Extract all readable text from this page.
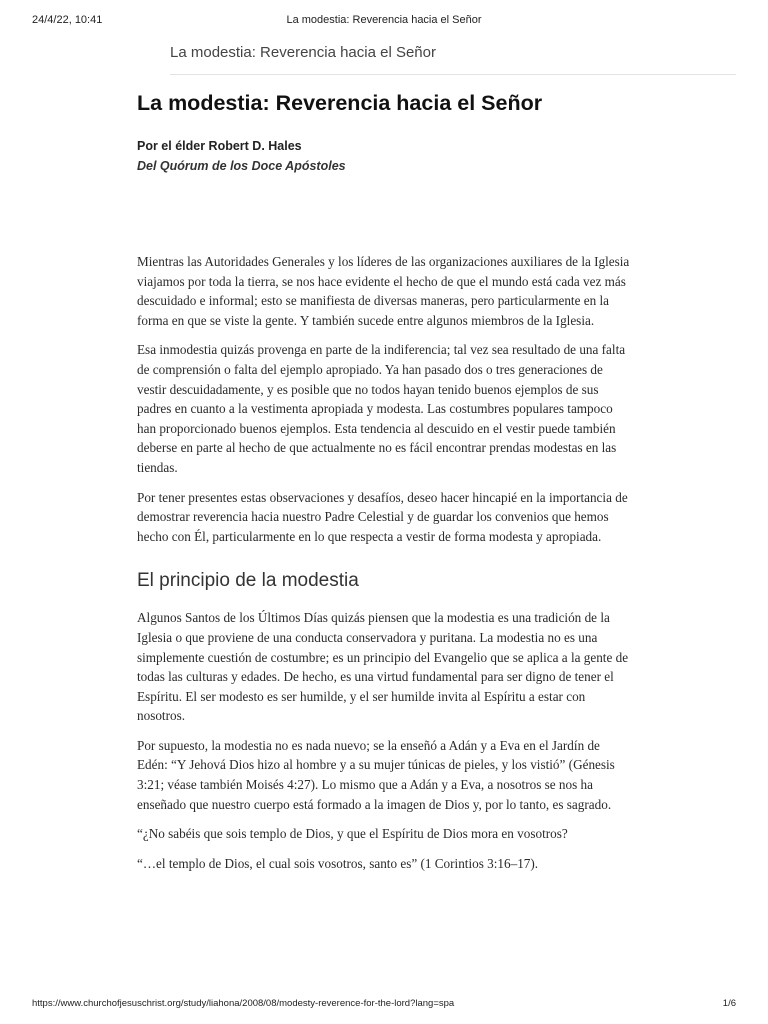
24/4/22, 10:41	La modestia: Reverencia hacia el Señor
La modestia: Reverencia hacia el Señor
La modestia: Reverencia hacia el Señor
Por el élder Robert D. Hales
Del Quórum de los Doce Apóstoles

Mientras las Autoridades Generales y los líderes de las organizaciones auxiliares de la Iglesia viajamos por toda la tierra, se nos hace evidente el hecho de que el mundo está cada vez más descuidado e informal; esto se manifiesta de diversas maneras, pero particularmente en la forma en que se viste la gente. Y también sucede entre algunos miembros de la Iglesia.

Esa inmodestia quizás provenga en parte de la indiferencia; tal vez sea resultado de una falta de comprensión o falta del ejemplo apropiado. Ya han pasado dos o tres generaciones de vestir descuidadamente, y es posible que no todos hayan tenido buenos ejemplos de sus padres en cuanto a la vestimenta apropiada y modesta. Las costumbres populares tampoco han proporcionado buenos ejemplos. Esta tendencia al descuido en el vestir puede también deberse en parte al hecho de que actualmente no es fácil encontrar prendas modestas en las tiendas.

Por tener presentes estas observaciones y desafíos, deseo hacer hincapié en la importancia de demostrar reverencia hacia nuestro Padre Celestial y de guardar los convenios que hemos hecho con Él, particularmente en lo que respecta a vestir de forma modesta y apropiada.

El principio de la modestia

Algunos Santos de los Últimos Días quizás piensen que la modestia es una tradición de la Iglesia o que proviene de una conducta conservadora y puritana. La modestia no es una simplemente cuestión de costumbre; es un principio del Evangelio que se aplica a la gente de todas las culturas y edades. De hecho, es una virtud fundamental para ser digno de tener el Espíritu. El ser modesto es ser humilde, y el ser humilde invita al Espíritu a estar con nosotros.

Por supuesto, la modestia no es nada nuevo; se la enseñó a Adán y a Eva en el Jardín de Edén: “Y Jehová Dios hizo al hombre y a su mujer túnicas de pieles, y los vistió” (Génesis 3:21; véase también Moisés 4:27). Lo mismo que a Adán y a Eva, a nosotros se nos ha enseñado que nuestro cuerpo está formado a la imagen de Dios y, por lo tanto, es sagrado.

“¿No sabéis que sois templo de Dios, y que el Espíritu de Dios mora en vosotros?

“…el templo de Dios, el cual sois vosotros, santo es” (1 Corintios 3:16–17).

https://www.churchofjesuschrist.org/study/liahona/2008/08/modesty-reverence-for-the-lord?lang=spa	1/6
